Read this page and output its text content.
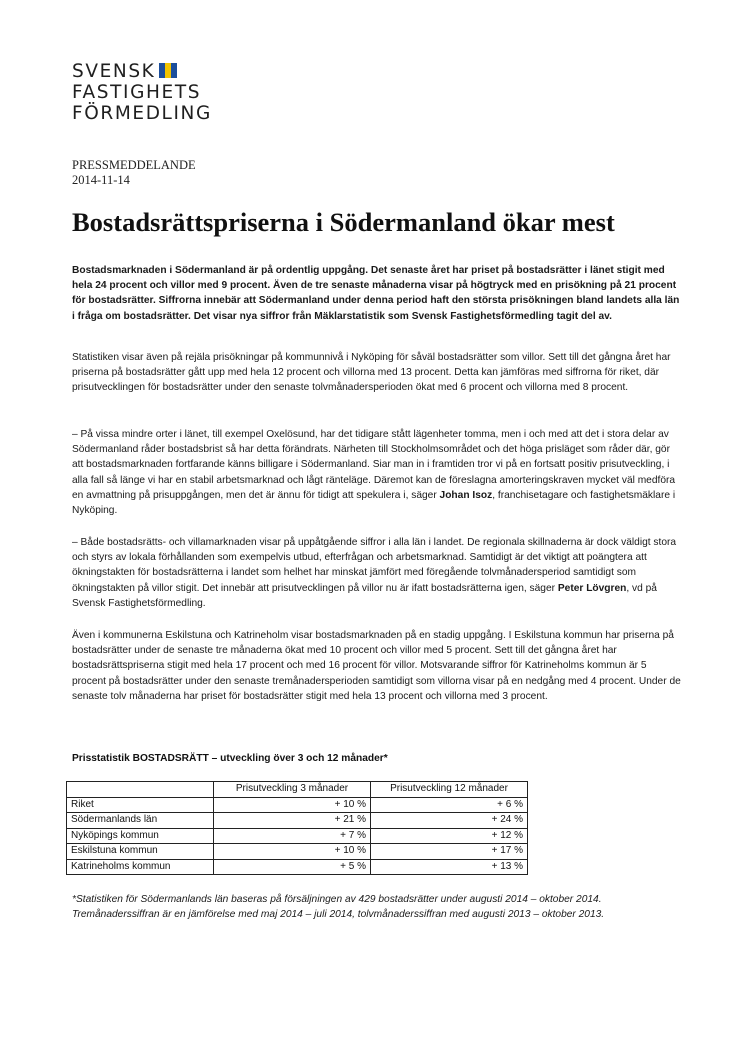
SVENSK
FASTIGHETS
FÖRMEDLING
PRESSMEDDELANDE
2014-11-14
Bostadsrättspriserna i Södermanland ökar mest

Bostadsmarknaden i Södermanland är på ordentlig uppgång. Det senaste året har priset på bostadsrätter i länet stigit med hela 24 procent och villor med 9 procent. Även de tre senaste månaderna visar på högtryck med en prisökning på 21 procent för bostadsrätter. Siffrorna innebär att Södermanland under denna period haft den största prisökningen bland landets alla län i fråga om bostadsrätter. Det visar nya siffror från Mäklarstatistik som Svensk Fastighetsförmedling tagit del av.

Statistiken visar även på rejäla prisökningar på kommunnivå i Nyköping för såväl bostadsrätter som villor. Sett till det gångna året har priserna på bostadsrätter gått upp med hela 12 procent och villorna med 13 procent. Detta kan jämföras med siffrorna för riket, där prisutvecklingen för bostadsrätter under den senaste tolvmånadersperioden ökat med 6 procent och villorna med 8 procent.

– På vissa mindre orter i länet, till exempel Oxelösund, har det tidigare stått lägenheter tomma, men i och med att det i stora delar av Södermanland råder bostadsbrist så har detta förändrats. Närheten till Stockholmsområdet och det höga prisläget som råder där, gör att bostadsmarknaden fortfarande känns billigare i Södermanland. Siar man in i framtiden tror vi på en fortsatt positiv prisutveckling, i alla fall så länge vi har en stabil arbetsmarknad och lågt ränteläge. Däremot kan de föreslagna amorteringskraven mycket väl medföra en avmattning på prisuppgången, men det är ännu för tidigt att spekulera i, säger Johan Isoz, franchisetagare och fastighetsmäklare i Nyköping.

– Både bostadsrätts- och villamarknaden visar på uppåtgående siffror i alla län i landet. De regionala skillnaderna är dock väldigt stora och styrs av lokala förhållanden som exempelvis utbud, efterfrågan och arbetsmarknad. Samtidigt är det viktigt att poängtera att ökningstakten för bostadsrätterna i landet som helhet har minskat jämfört med föregående tolvmånadersperiod samtidigt som ökningstakten på villor stigit. Det innebär att prisutvecklingen på villor nu är ifatt bostadsrätterna igen, säger Peter Lövgren, vd på Svensk Fastighetsförmedling.

Även i kommunerna Eskilstuna och Katrineholm visar bostadsmarknaden på en stadig uppgång. I Eskilstuna kommun har priserna på bostadsrätter under de senaste tre månaderna ökat med 10 procent och villor med 5 procent. Sett till det gångna året har bostadsrättspriserna stigit med hela 17 procent och med 16 procent för villor. Motsvarande siffror för Katrineholms kommun är 5 procent på bostadsrätter under den senaste tremånadersperioden samtidigt som villorna visar på en nedgång med 4 procent. Under de senaste tolv månaderna har priset för bostadsrätter stigit med hela 13 procent och villorna med 3 procent.

Prisstatistik BOSTADSRÄTT – utveckling över 3 och 12 månader*
	Prisutveckling 3 månader	Prisutveckling 12 månader
Riket	+ 10 %	+ 6 %
Södermanlands län	+ 21 %	+ 24 %
Nyköpings kommun	+ 7 %	+ 12 %
Eskilstuna kommun	+ 10 %	+ 17 %
Katrineholms kommun	+ 5 %	+ 13 %

*Statistiken för Södermanlands län baseras på försäljningen av 429 bostadsrätter under augusti 2014 – oktober 2014. Tremånaderssiffran är en jämförelse med maj 2014 – juli 2014, tolvmånaderssiffran med augusti 2013 – oktober 2013.
